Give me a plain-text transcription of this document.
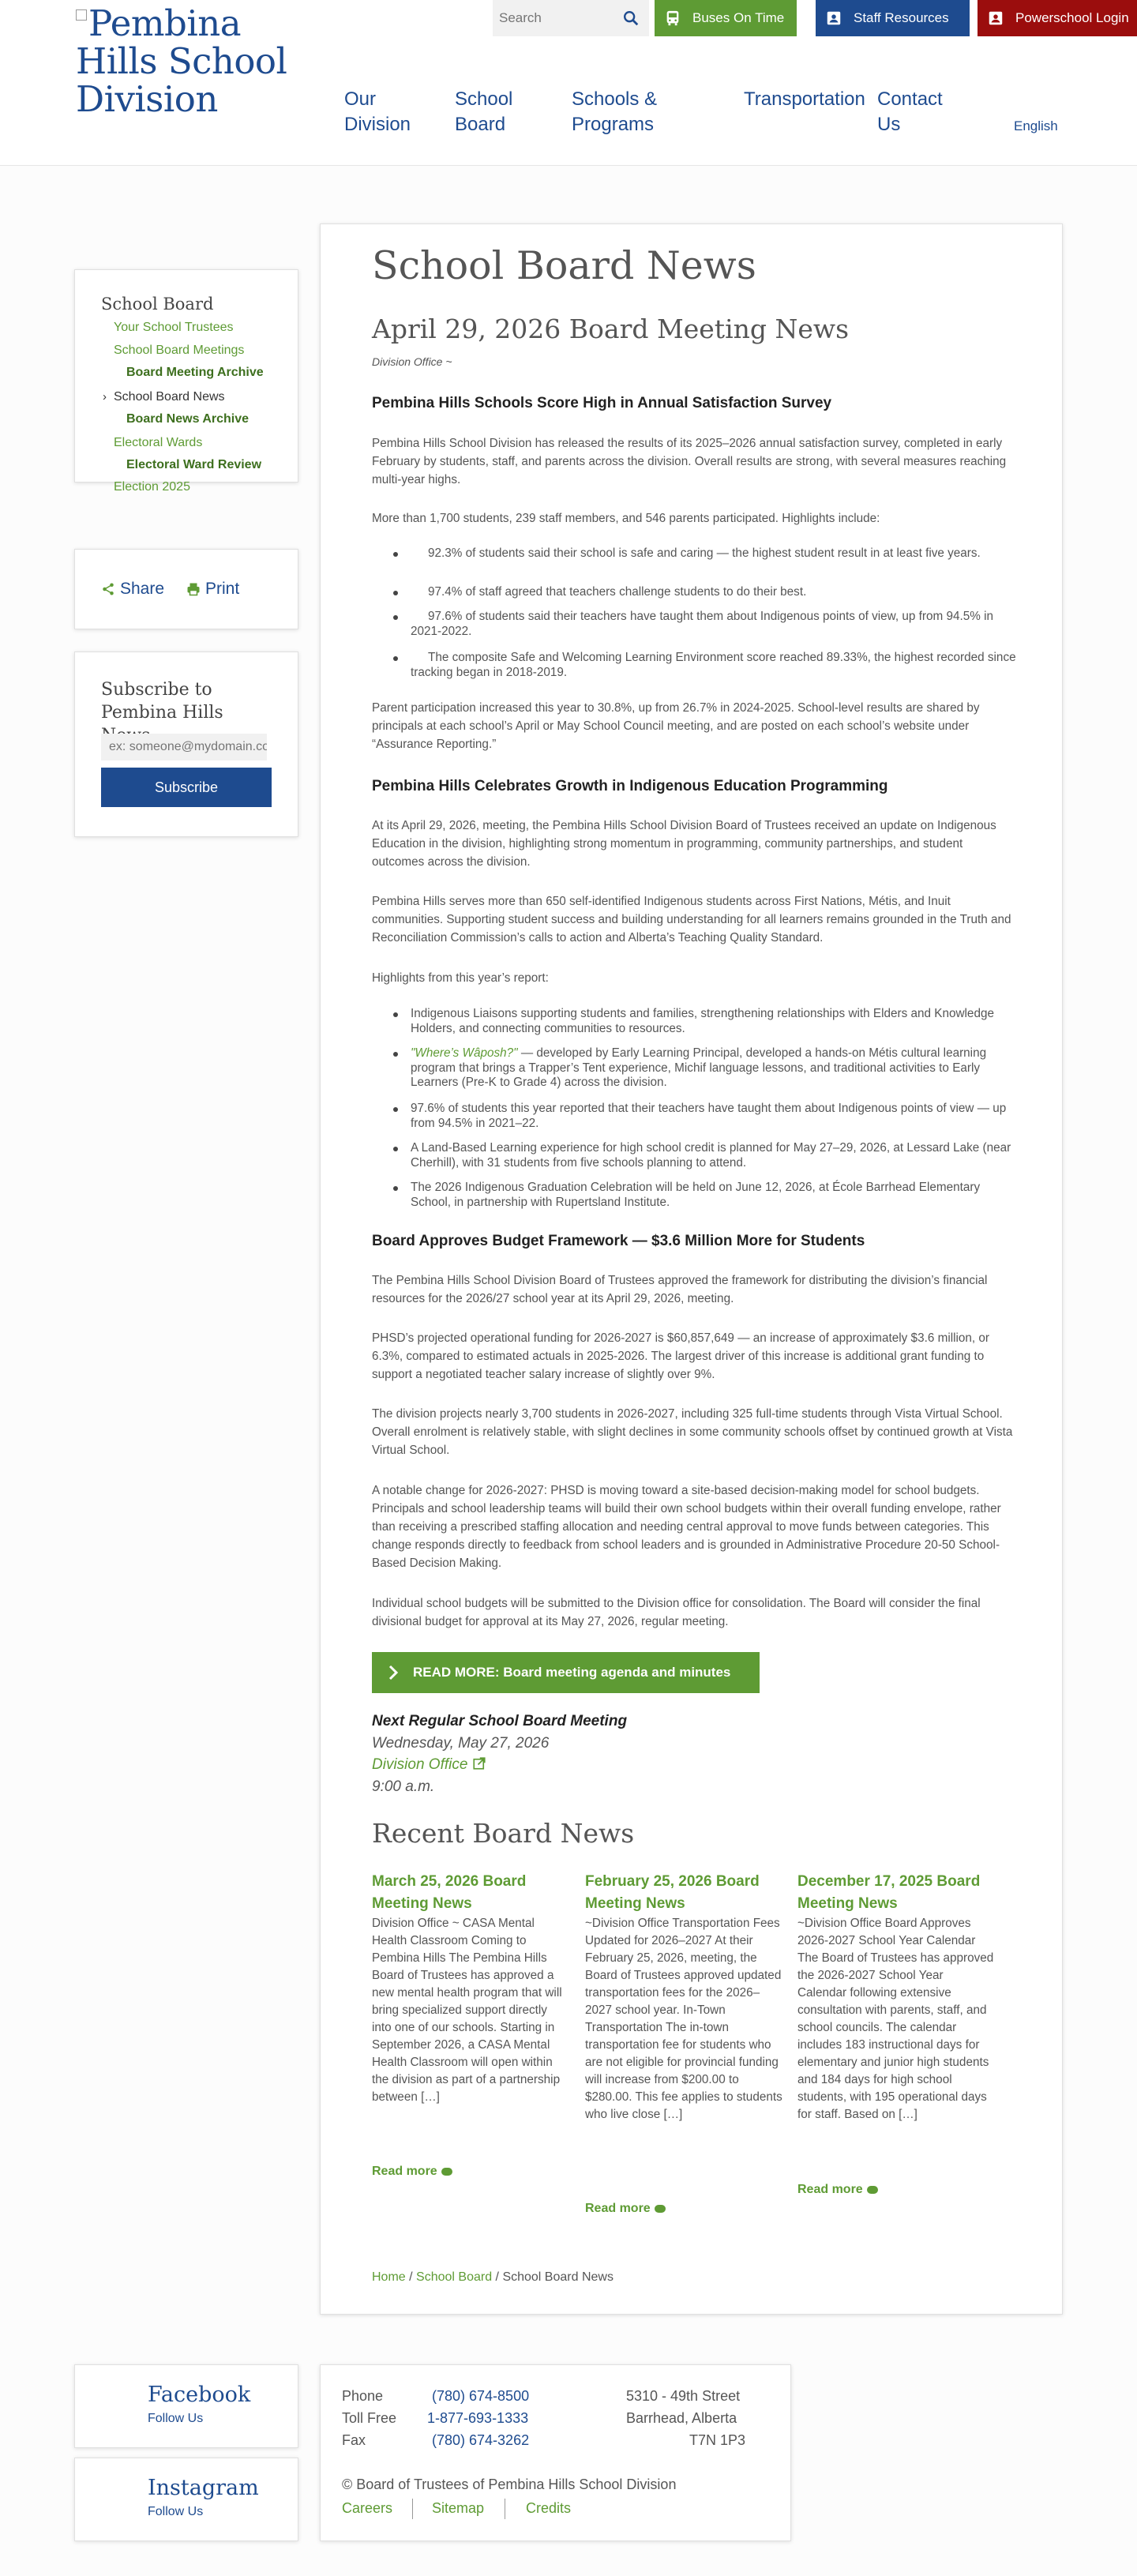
Pembina Hills School Division
Search
Buses On Time	Staff Resources	Powerschool Login
Our
Division
School
Board
Schools &
Programs
Transportation Contact
Us	English
School Board
Your School Trustees
School Board Meetings
Board Meeting Archive
› School Board News
Board News Archive
Electoral Wards
Electoral Ward Review
Election 2025
Share Print
Subscribe to Pembina Hills
ex: someone@mydomain.com
Subscribe
School Board News
April 29, 2026 Board Meeting News
Division Office ~
Pembina Hills Schools Score High in Annual Satisfaction Survey
Pembina Hills School Division has released the results of its 2025–2026 annual satisfaction survey, completed in early February by students, staff, and parents across the division. Overall results are strong, with several measures reaching multi-year highs.
More than 1,700 students, 239 staff members, and 546 parents participated. Highlights include:
92.3% of students said their school is safe and caring — the highest student result in at least five years.
97.4% of staff agreed that teachers challenge students to do their best.
97.6% of students said their teachers have taught them about Indigenous points of view, up from 94.5% in 2021-2022.
The composite Safe and Welcoming Learning Environment score reached 89.33%, the highest recorded since tracking began in 2018-2019.
Parent participation increased this year to 30.8%, up from 26.7% in 2024-2025. School-level results are shared by principals at each school’s April or May School Council meeting, and are posted on each school’s website under “Assurance Reporting.”
Pembina Hills Celebrates Growth in Indigenous Education Programming
At its April 29, 2026, meeting, the Pembina Hills School Division Board of Trustees received an update on Indigenous Education in the division, highlighting strong momentum in programming, community partnerships, and student outcomes across the division.
Pembina Hills serves more than 650 self-identified Indigenous students across First Nations, Métis, and Inuit communities. Supporting student success and building understanding for all learners remains grounded in the Truth and Reconciliation Commission’s calls to action and Alberta’s Teaching Quality Standard.
Highlights from this year’s report:
Indigenous Liaisons supporting students and families, strengthening relationships with Elders and Knowledge Holders, and connecting communities to resources.
"Where’s Wâposh?" — developed by Early Learning Principal, developed a hands-on Métis cultural learning program that brings a Trapper’s Tent experience, Michif language lessons, and traditional activities to Early Learners (Pre-K to Grade 4) across the division.
97.6% of students this year reported that their teachers have taught them about Indigenous points of view — up from 94.5% in 2021–22.
A Land-Based Learning experience for high school credit is planned for May 27–29, 2026, at Lessard Lake (near Cherhill), with 31 students from five schools planning to attend.
The 2026 Indigenous Graduation Celebration will be held on June 12, 2026, at École Barrhead Elementary School, in partnership with Rupertsland Institute.
Board Approves Budget Framework — $3.6 Million More for Students
The Pembina Hills School Division Board of Trustees approved the framework for distributing the division’s financial resources for the 2026/27 school year at its April 29, 2026, meeting.
PHSD’s projected operational funding for 2026-2027 is $60,857,649 — an increase of approximately $3.6 million, or 6.3%, compared to estimated actuals in 2025-2026. The largest driver of this increase is additional grant funding to support a negotiated teacher salary increase of slightly over 9%.
The division projects nearly 3,700 students in 2026-2027, including 325 full-time students through Vista Virtual School. Overall enrolment is relatively stable, with slight declines in some community schools offset by continued growth at Vista Virtual School.
A notable change for 2026-2027: PHSD is moving toward a site-based decision-making model for school budgets. Principals and school leadership teams will build their own school budgets within their overall funding envelope, rather than receiving a prescribed staffing allocation and needing central approval to move funds between categories. This change responds directly to feedback from school leaders and is grounded in Administrative Procedure 20-50 School-Based Decision Making.
Individual school budgets will be submitted to the Division office for consolidation. The Board will consider the final divisional budget for approval at its May 27, 2026, regular meeting.
READ MORE: Board meeting agenda and minutes
Next Regular School Board Meeting
Wednesday, May 27, 2026
Division Office
9:00 a.m.
Recent Board News
March 25, 2026 Board Meeting News
Division Office ~ CASA Mental Health Classroom Coming to Pembina Hills The Pembina Hills Board of Trustees has approved a new mental health program that will bring specialized support directly into one of our schools. Starting in September 2026, a CASA Mental Health Classroom will open within the division as part of a partnership between […]
Read more
February 25, 2026 Board Meeting News
~Division Office Transportation Fees Updated for 2026–2027 At their February 25, 2026, meeting, the Board of Trustees approved updated transportation fees for the 2026–2027 school year. In-Town Transportation The in-town transportation fee for students who are not eligible for provincial funding will increase from $200.00 to $280.00. This fee applies to students who live close […]
Read more
December 17, 2025 Board Meeting News
~Division Office Board Approves 2026-2027 School Year Calendar The Board of Trustees has approved the 2026-2027 School Year Calendar following extensive consultation with parents, staff, and school councils. The calendar includes 183 instructional days for elementary and junior high students and 184 days for high school students, with 195 operational days for staff. Based on […]
Read more
Home / School Board / School Board News
Facebook
Follow Us
Instagram
Follow Us
Phone	(780) 674-8500
Toll Free 1-877-693-1333
Fax	(780) 674-3262
5310 - 49th Street
Barrhead, Alberta
T7N 1P3
© Board of Trustees of Pembina Hills School Division
Careers	Sitemap	Credits
